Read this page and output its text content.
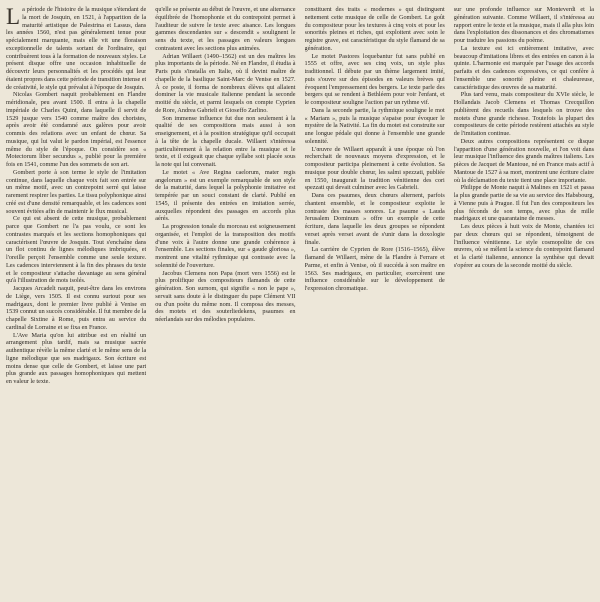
La période de l'histoire de la musique s'étendant de la mort de Josquin, en 1521, à l'apparition de la maturité artistique de Palestrina et Lassus, dans les années 1560, n'est pas généralement tenue pour spécialement marquante, mais elle vit une floraison exceptionnelle de talents sortant de l'ordinaire, qui contribuèrent tous à la formation de nouveaux styles. Le présent disque offre une occasion inhabituelle de découvrir leurs personnalités et les procédés qui leur étaient propres dans cette période de transition intense et de créativité, le style qui prévalut à l'époque de Josquin.

Nicolas Gombert naquit probablement en Flandre méridionale, peu avant 1500. Il entra à la chapelle impériale de Charles Quint, dans laquelle il servit de 1529 jusque vers 1540 comme maître des choristes, après avoir été condamné aux galères pour avoir commis des relations avec un enfant de chœur. Sa musique, qui lui valut le pardon impérial, est l'essence même du style de l'époque. On considère son « Motectorum liber secundus », publié pour la première fois en 1541, comme l'un des sommets de son art.

Gombert porte à son terme le style de l'imitation continue, dans laquelle chaque voix fait son entrée sur un même motif, avec un contrepoint serré qui laisse rarement respirer les parties. Le tissu polyphonique ainsi créé est d'une densité remarquable, et les cadences sont souvent évitées afin de maintenir le flux musical.

Ce qui est absent de cette musique, probablement parce que Gombert ne l'a pas voulu, ce sont les contrastes marqués et les sections homophoniques qui caractérisent l'œuvre de Josquin. Tout s'enchaîne dans un flot continu de lignes mélodiques imbriquées, et l'oreille perçoit l'ensemble comme une seule texture. Les cadences interviennent à la fin des phrases du texte et le compositeur s'attache davantage au sens général qu'à l'illustration de mots isolés.

Jacques Arcadelt naquit, peut-être dans les environs de Liège, vers 1505. Il est connu surtout pour ses madrigaux, dont le premier livre publié à Venise en 1539 connut un succès considérable. Il fut membre de la chapelle Sixtine à Rome, puis entra au service du cardinal de Lorraine et se fixa en France.

L'Ave Maria qu'on lui attribue est en réalité un arrangement plus tardif, mais sa musique sacrée authentique révèle la même clarté et le même sens de la ligne mélodique que ses madrigaux. Son écriture est moins dense que celle de Gombert, et laisse une part plus grande aux passages homophoniques qui mettent en valeur le texte.

qu'elle se présente au début de l'œuvre, et une alternance équilibrée de l'homophonie et du contrepoint permet à l'auditeur de suivre le texte avec aisance. Les longues gammes descendantes sur « descendit » soulignent le sens du texte, et les passages en valeurs longues contrastent avec les sections plus animées.

Adrian Willaert (1490–1562) est un des maîtres les plus importants de la période. Né en Flandre, il étudia à Paris puis s'installa en Italie, où il devint maître de chapelle de la basilique Saint-Marc de Venise en 1527. À ce poste, il forma de nombreux élèves qui allaient dominer la vie musicale italienne pendant la seconde moitié du siècle, et parmi lesquels on compte Cyprien de Rore, Andrea Gabrieli et Gioseffo Zarlino.

Son immense influence fut due non seulement à la qualité de ses compositions mais aussi à son enseignement, et à la position stratégique qu'il occupait à la tête de la chapelle ducale. Willaert s'intéressa particulièrement à la relation entre la musique et le texte, et il exigeait que chaque syllabe soit placée sous la note qui lui convenait.

Le motet « Ave Regina caelorum, mater regis angelorum » est un exemple remarquable de son style de la maturité, dans lequel la polyphonie imitative est tempérée par un souci constant de clarté. Publié en 1545, il présente des entrées en imitation serrée, auxquelles répondent des passages en accords plus aérés.

La progression tonale du morceau est soigneusement organisée, et l'emploi de la transposition des motifs d'une voix à l'autre donne une grande cohérence à l'ensemble. Les sections finales, sur « gaude gloriosa », montrent une vitalité rythmique qui contraste avec la solennité de l'ouverture.

Jacobus Clemens non Papa (mort vers 1556) est le plus prolifique des compositeurs flamands de cette génération. Son surnom, qui signifie « non le pape », servait sans doute à le distinguer du pape Clément VII ou d'un poète du même nom. Il composa des messes, des motets et des souterliedekens, psaumes en néerlandais sur des mélodies populaires.

constituent des traits « modernes » qui distinguent nettement cette musique de celle de Gombert. Le goût du compositeur pour les textures à cinq voix et pour les sonorités pleines et riches, qui exploitent avec soin le registre grave, est caractéristique du style flamand de sa génération.

Le motet Pastores loquebantur fut sans publié en 1555 et offre, avec ses cinq voix, un style plus traditionnel. Il débute par un thème largement imité, puis s'ouvre sur des épisodes en valeurs brèves qui évoquent l'empressement des bergers. Le texte parle des bergers qui se rendent à Bethléem pour voir l'enfant, et le compositeur souligne l'action par un rythme vif.

Dans la seconde partie, la rythmique souligne le mot « Mariam », puis la musique s'apaise pour évoquer le mystère de la Nativité. La fin du motet est construite sur une longue pédale qui donne à l'ensemble une grande solennité.

L'œuvre de Willaert apparaît à une époque où l'on recherchait de nouveaux moyens d'expression, et le compositeur participa pleinement à cette évolution. Sa musique pour double chœur, les salmi spezzati, publiée en 1550, inaugurait la tradition vénitienne des cori spezzati qui devait culminer avec les Gabrieli.

Dans ces psaumes, deux chœurs alternent, parfois chantent ensemble, et le compositeur exploite le contraste des masses sonores. Le psaume « Lauda Jerusalem Dominum » offre un exemple de cette écriture, dans laquelle les deux groupes se répondent verset après verset avant de s'unir dans la doxologie finale.

La carrière de Cyprien de Rore (1516–1565), élève flamand de Willaert, mène de la Flandre à Ferrare et Parme, et enfin à Venise, où il succéda à son maître en 1563. Ses madrigaux, en particulier, exercèrent une influence considérable sur le développement de l'expression chromatique.

sur une profonde influence sur Monteverdi et la génération suivante. Comme Willaert, il s'intéressa au rapport entre le texte et la musique, mais il alla plus loin dans l'exploitation des dissonances et des chromatismes pour traduire les passions du poème.

La texture est ici entièrement imitative, avec beaucoup d'imitations libres et des entrées en canon à la quinte. L'harmonie est marquée par l'usage des accords parfaits et des cadences expressives, ce qui confère à l'ensemble une sonorité pleine et chaleureuse, caractéristique des œuvres de sa maturité.

Plus tard venu, mais compositeur du XVIe siècle, le Hollandais Jacob Clemens et Thomas Crecquillon publièrent des recueils dans lesquels on trouve des motets d'une grande richesse. Toutefois la plupart des compositeurs de cette période restèrent attachés au style de l'imitation continue.

Deux autres compositions représentent ce disque l'apparition d'une génération nouvelle, et l'on voit dans leur musique l'influence des grands maîtres italiens. Les pièces de Jacquet de Mantoue, né en France mais actif à Mantoue de 1527 à sa mort, montrent une écriture claire où la déclamation du texte tient une place importante.

Philippe de Monte naquit à Malines en 1521 et passa la plus grande partie de sa vie au service des Habsbourg, à Vienne puis à Prague. Il fut l'un des compositeurs les plus féconds de son temps, avec plus de mille madrigaux et une quarantaine de messes.

Les deux pièces à huit voix de Monte, chantées ici par deux chœurs qui se répondent, témoignent de l'influence vénitienne. Le style cosmopolite de ces œuvres, où se mêlent la science du contrepoint flamand et la clarté italienne, annonce la synthèse qui devait s'opérer au cours de la seconde moitié du siècle.
